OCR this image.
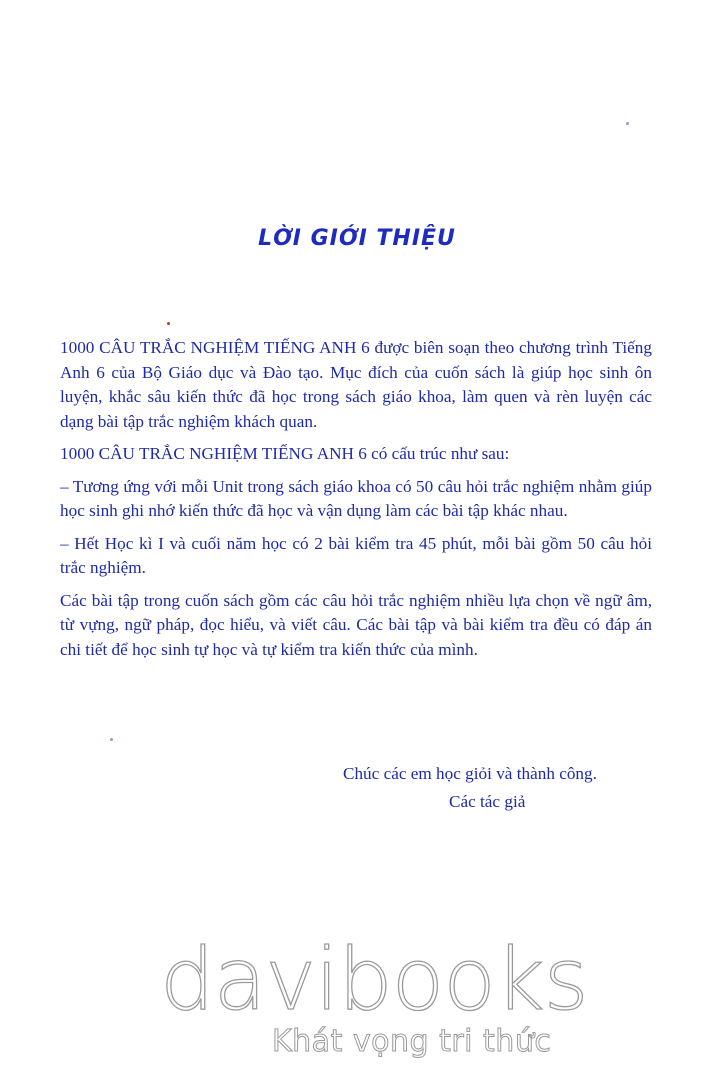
LỜI GIỚI THIỆU

1000 CÂU TRẮC NGHIỆM TIẾNG ANH 6 được biên soạn theo chương trình Tiếng Anh 6 của Bộ Giáo dục và Đào tạo. Mục đích của cuốn sách là giúp học sinh ôn luyện, khắc sâu kiến thức đã học trong sách giáo khoa, làm quen và rèn luyện các dạng bài tập trắc nghiệm khách quan.

1000 CÂU TRẮC NGHIỆM TIẾNG ANH 6 có cấu trúc như sau:

– Tương ứng với mỗi Unit trong sách giáo khoa có 50 câu hỏi trắc nghiệm nhằm giúp học sinh ghi nhớ kiến thức đã học và vận dụng làm các bài tập khác nhau.

– Hết Học kì I và cuối năm học có 2 bài kiểm tra 45 phút, mỗi bài gồm 50 câu hỏi trắc nghiệm.

Các bài tập trong cuốn sách gồm các câu hỏi trắc nghiệm nhiều lựa chọn về ngữ âm, từ vựng, ngữ pháp, đọc hiểu, và viết câu. Các bài tập và bài kiểm tra đều có đáp án chi tiết để học sinh tự học và tự kiểm tra kiến thức của mình.

Chúc các em học giỏi và thành công.
Các tác giả
davibooks
Khát vọng tri thức
